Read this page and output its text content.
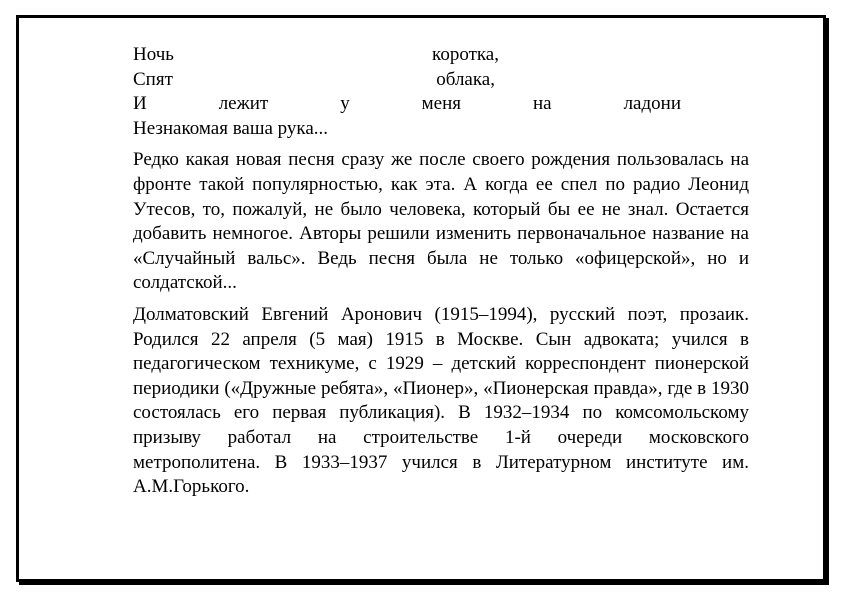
Ночь	коротка,
Спят	облака,
И	лежит	у	меня	на	ладони
Незнакомая ваша рука...

Редко какая новая песня сразу же после своего рождения пользовалась на фронте такой популярностью, как эта. А когда ее спел по радио Леонид Утесов, то, пожалуй, не было человека, который бы ее не знал. Остается добавить немногое. Авторы решили изменить первоначальное название на «Случайный вальс». Ведь песня была не только «офицерской», но и солдатской...

Долматовский Евгений Аронович (1915–1994), русский поэт, прозаик. Родился 22 апреля (5 мая) 1915 в Москве. Сын адвоката; учился в педагогическом техникуме, с 1929 – детский корреспондент пионерской периодики («Дружные ребята», «Пионер», «Пионерская правда», где в 1930 состоялась его первая публикация). В 1932–1934 по комсомольскому призыву работал на строительстве 1-й очереди московского метрополитена. В 1933–1937 учился в Литературном институте им. А.М.Горького.
